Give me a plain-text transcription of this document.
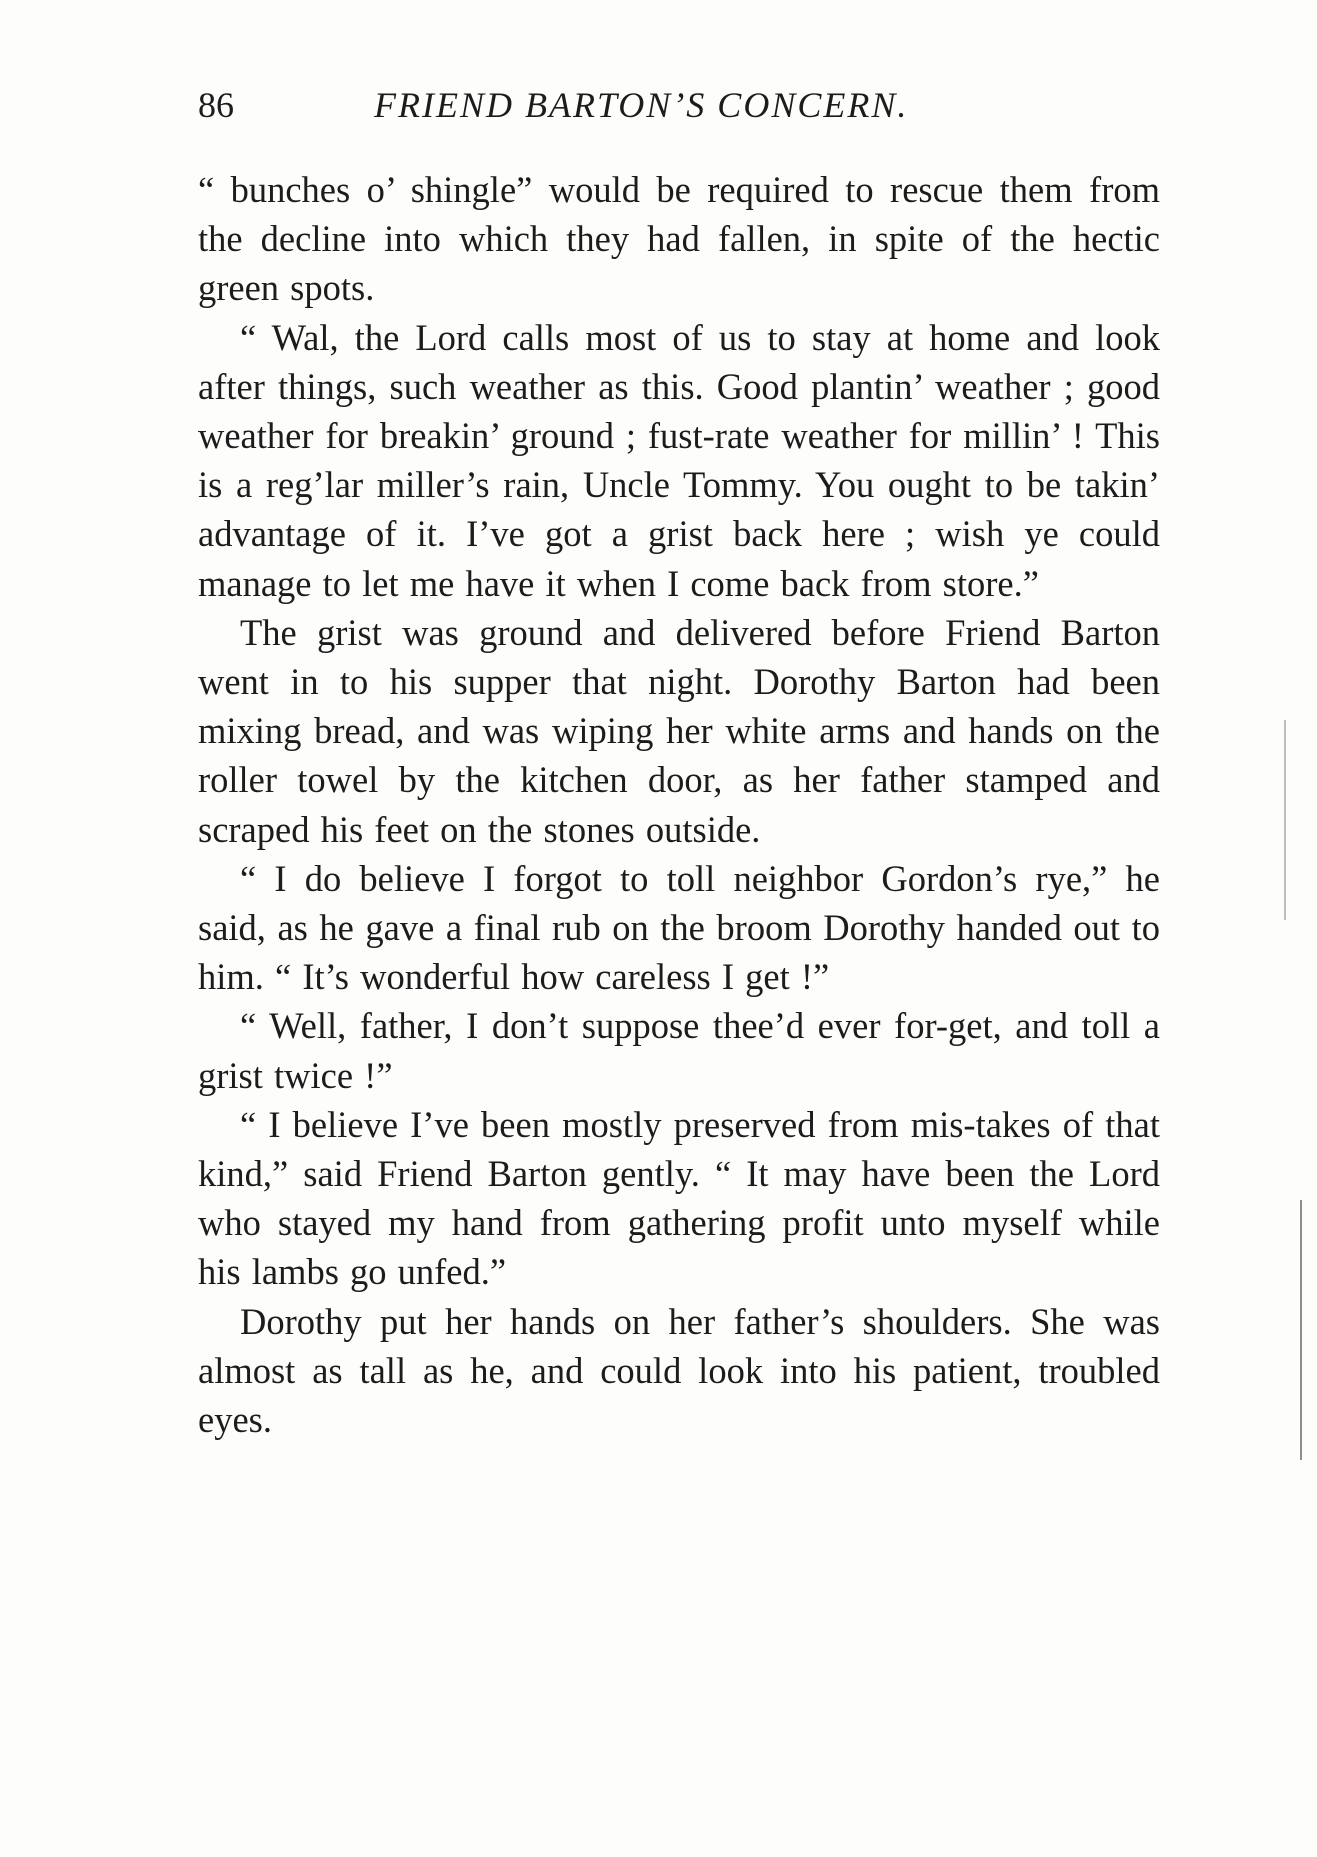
86	FRIEND BARTON’S CONCERN.

“ bunches o’ shingle” would be required to rescue them from the decline into which they had fallen, in spite of the hectic green spots.

“ Wal, the Lord calls most of us to stay at home and look after things, such weather as this. Good plantin’ weather ; good weather for breakin’ ground ; fust-rate weather for millin’ ! This is a reg’lar miller’s rain, Uncle Tommy. You ought to be takin’ advantage of it. I’ve got a grist back here ; wish ye could manage to let me have it when I come back from store.”

The grist was ground and delivered before Friend Barton went in to his supper that night. Dorothy Barton had been mixing bread, and was wiping her white arms and hands on the roller towel by the kitchen door, as her father stamped and scraped his feet on the stones outside.

“ I do believe I forgot to toll neighbor Gordon’s rye,” he said, as he gave a final rub on the broom Dorothy handed out to him. “ It’s wonderful how careless I get !”

“ Well, father, I don’t suppose thee’d ever for-get, and toll a grist twice !”

“ I believe I’ve been mostly preserved from mis-takes of that kind,” said Friend Barton gently. “ It may have been the Lord who stayed my hand from gathering profit unto myself while his lambs go unfed.”

Dorothy put her hands on her father’s shoulders. She was almost as tall as he, and could look into his patient, troubled eyes.
